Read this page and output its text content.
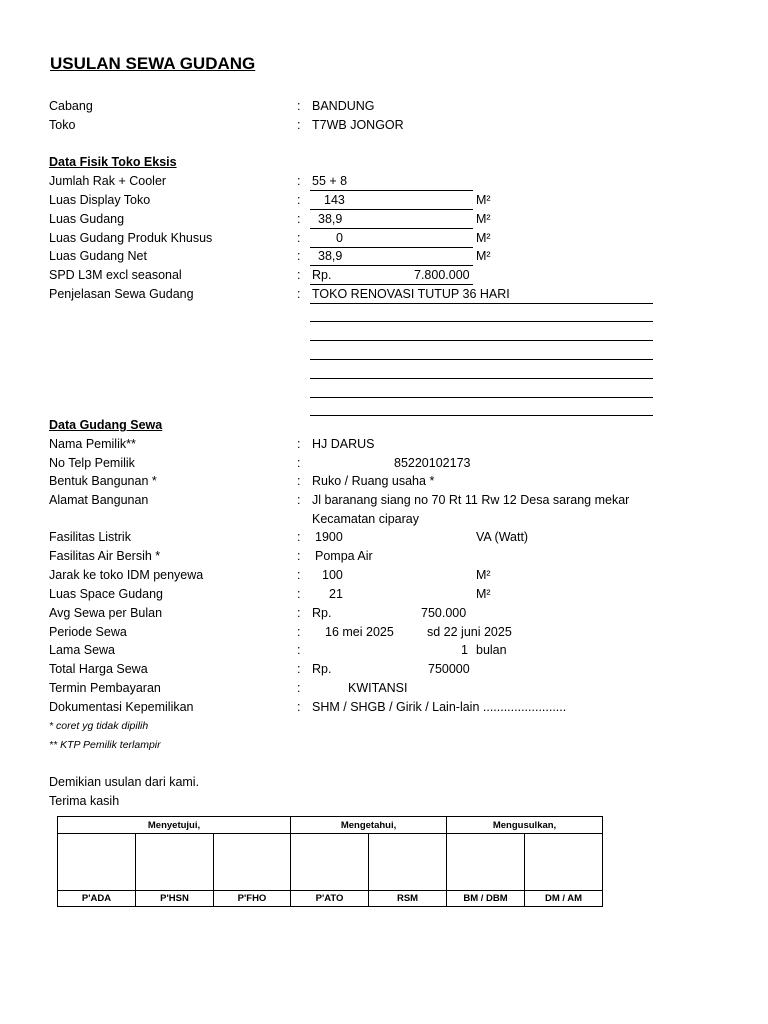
USULAN SEWA GUDANG
Cabang	: BANDUNG
Toko	: T7WB JONGOR
Data Fisik Toko Eksis
Jumlah Rak + Cooler	: 55 + 8
Luas Display Toko	: 143	M²
Luas Gudang	: 38,9	M²
Luas Gudang Produk Khusus	:	0	M²
Luas Gudang Net	: 38,9	M²
SPD L3M excl seasonal	: Rp.	7.800.000
Penjelasan Sewa Gudang	: TOKO RENOVASI TUTUP 36 HARI
Data Gudang Sewa
Nama Pemilik**	: HJ DARUS
No Telp Pemilik	:	85220102173
Bentuk Bangunan *	: Ruko / Ruang usaha *
Alamat Bangunan	: Jl baranang siang no 70 Rt 11 Rw 12 Desa sarang mekar
Kecamatan ciparay
Fasilitas Listrik	: 1900	VA (Watt)
Fasilitas Air Bersih *	: Pompa Air
Jarak ke toko IDM penyewa	: 100	M²
Luas Space Gudang	: 21	M²
Avg Sewa per Bulan	: Rp.	750.000
Periode Sewa	: 16 mei 2025	sd 22 juni 2025
Lama Sewa	:	1 bulan
Total Harga Sewa	: Rp.	750000
Termin Pembayaran	:	KWITANSI
Dokumentasi Kepemilikan	: SHM / SHGB / Girik / Lain-lain ........................
* coret yg tidak dipilih
** KTP Pemilik terlampir
Demikian usulan dari kami.
Terima kasih
Menyetujui,			Mengetahui,		Mengusulkan,	

P'ADA	P'HSN	P'FHO	P'ATO	RSM	BM / DBM	DM / AM
